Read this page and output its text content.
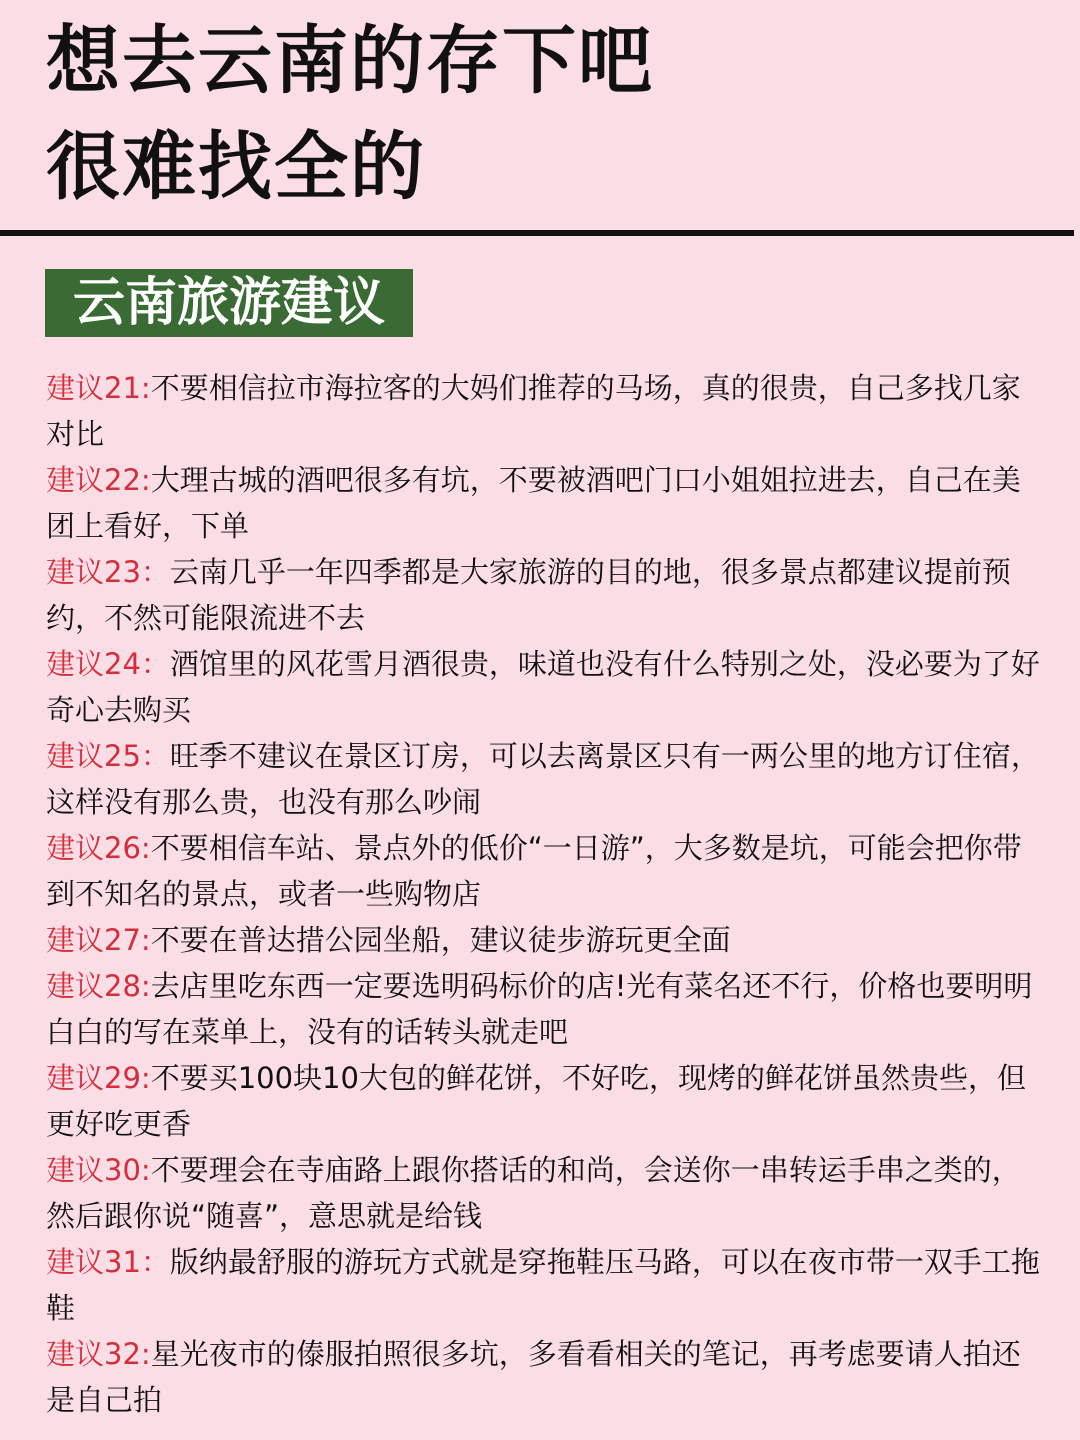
想去云南的存下吧
很难找全的
云南旅游建议
建议21:不要相信拉市海拉客的大妈们推荐的马场，真的很贵，自己多找几家对比
建议22:大理古城的酒吧很多有坑，不要被酒吧门口小姐姐拉进去，自己在美团上看好，下单
建议23：云南几乎一年四季都是大家旅游的目的地，很多景点都建议提前预约，不然可能限流进不去
建议24：酒馆里的风花雪月酒很贵，味道也没有什么特别之处，没必要为了好奇心去购买
建议25：旺季不建议在景区订房，可以去离景区只有一两公里的地方订住宿，这样没有那么贵，也没有那么吵闹
建议26:不要相信车站、景点外的低价“一日游”，大多数是坑，可能会把你带到不知名的景点，或者一些购物店
建议27:不要在普达措公园坐船，建议徒步游玩更全面
建议28:去店里吃东西一定要选明码标价的店!光有菜名还不行，价格也要明明白白的写在菜单上，没有的话转头就走吧
建议29:不要买100块10大包的鲜花饼，不好吃，现烤的鲜花饼虽然贵些，但更好吃更香
建议30:不要理会在寺庙路上跟你搭话的和尚，会送你一串转运手串之类的，然后跟你说“随喜”，意思就是给钱
建议31：版纳最舒服的游玩方式就是穿拖鞋压马路，可以在夜市带一双手工拖鞋
建议32:星光夜市的傣服拍照很多坑，多看看相关的笔记，再考虑要请人拍还是自己拍
